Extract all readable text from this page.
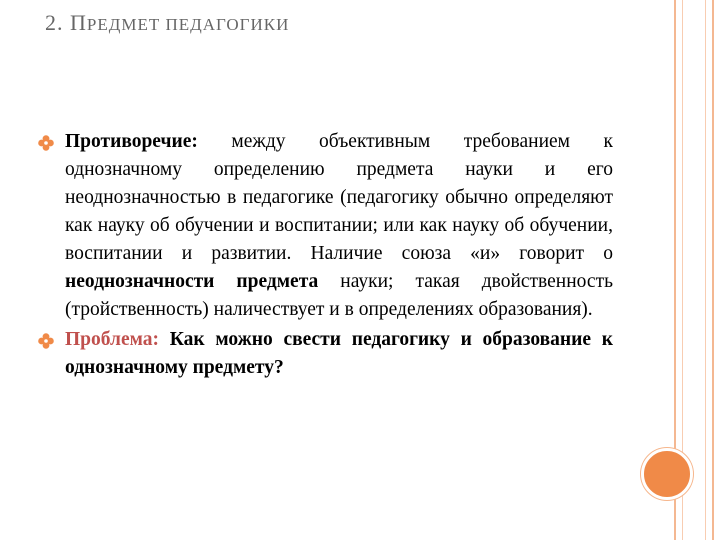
2. ПРЕДМЕТ ПЕДАГОГИКИ
Противоречие: между объективным требованием к однозначному определению предмета науки и его неоднозначностью в педагогике (педагогику обычно определяют как науку об обучении и воспитании; или как науку об обучении, воспитании и развитии. Наличие союза «и» говорит о неоднозначности предмета науки; такая двойственность (тройственность) наличествует и в определениях образования).
Проблема: Как можно свести педагогику и образование к однозначному предмету?
